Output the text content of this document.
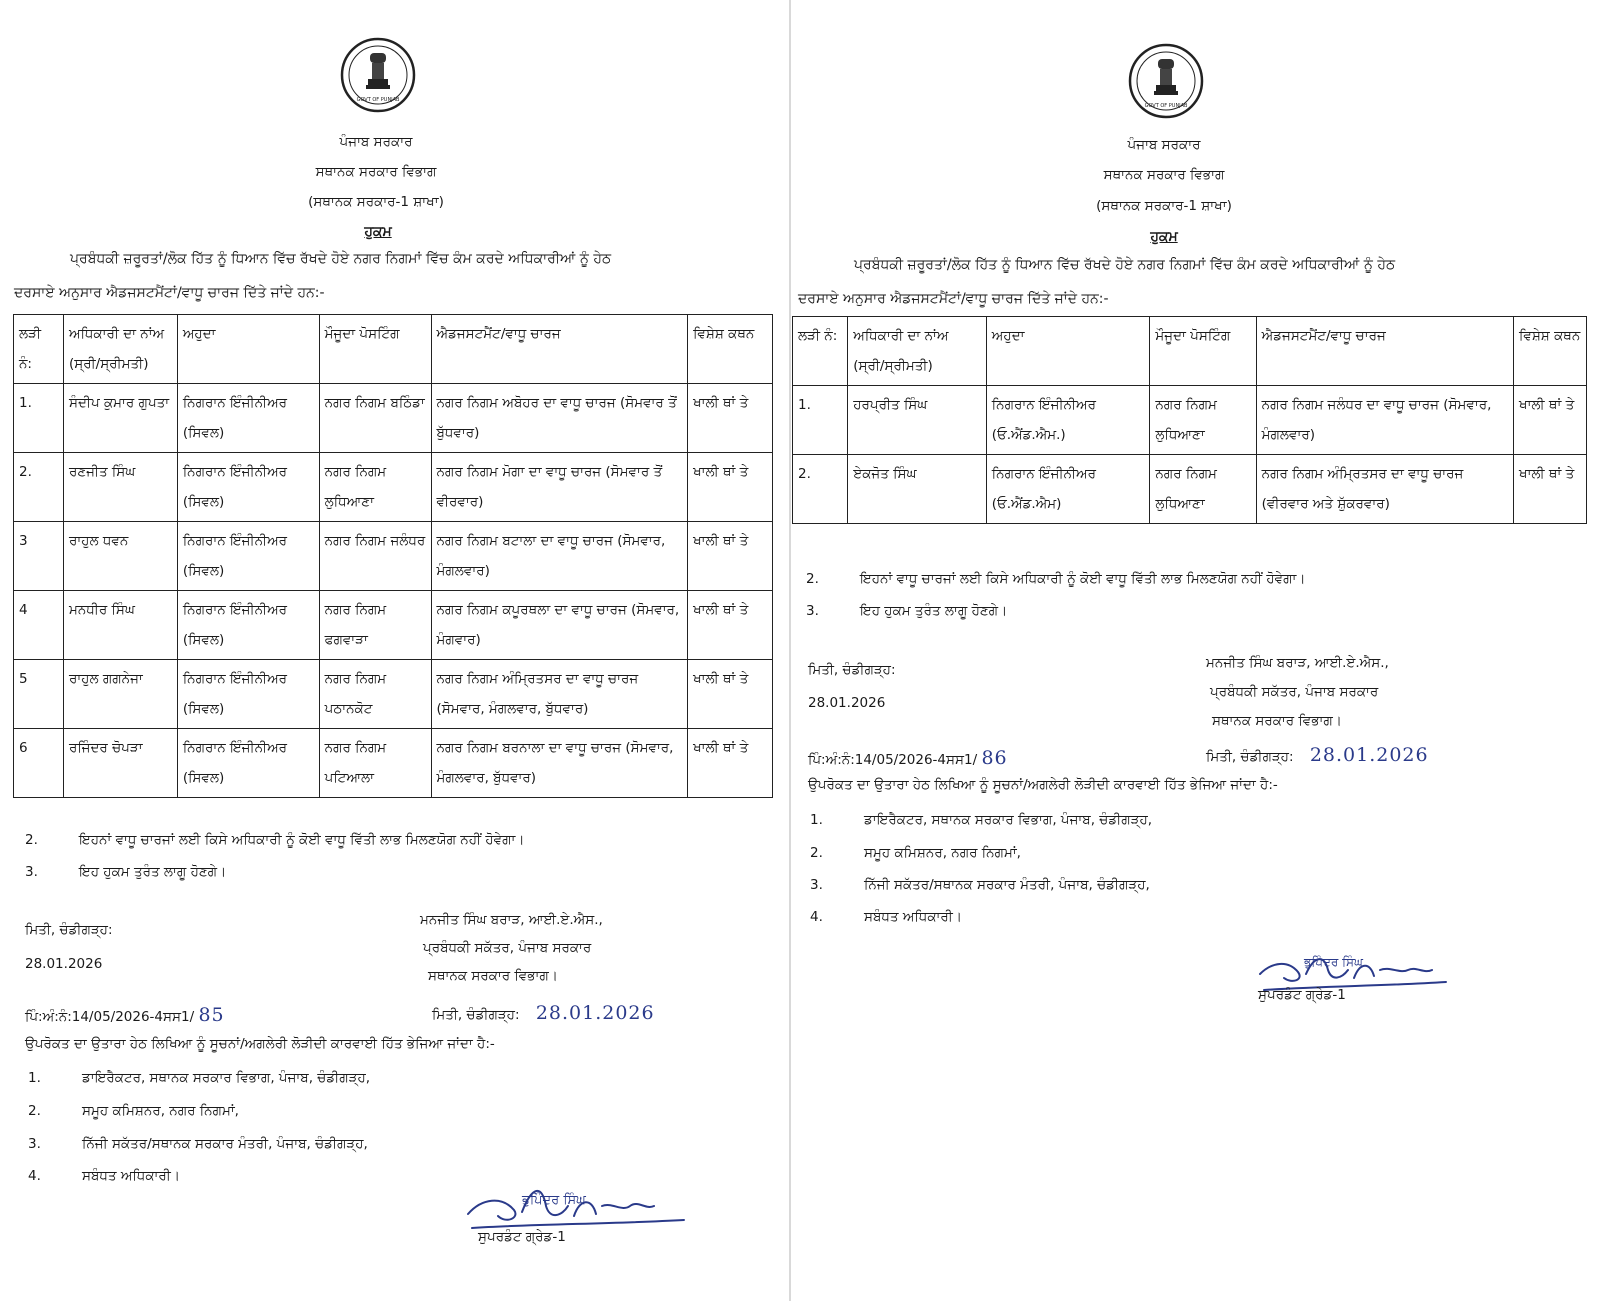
GOVT OF PUNJAB
ਪੰਜਾਬ ਸਰਕਾਰ
ਸਥਾਨਕ ਸਰਕਾਰ ਵਿਭਾਗ
(ਸਥਾਨਕ ਸਰਕਾਰ-1 ਸ਼ਾਖਾ)
ਹੁਕਮ
ਪ੍ਰਬੰਧਕੀ ਜ਼ਰੂਰਤਾਂ/ਲੋਕ ਹਿੱਤ ਨੂੰ ਧਿਆਨ ਵਿੱਚ ਰੱਖਦੇ ਹੋਏ ਨਗਰ ਨਿਗਮਾਂ ਵਿੱਚ ਕੰਮ ਕਰਦੇ ਅਧਿਕਾਰੀਆਂ ਨੂੰ ਹੇਠ
ਦਰਸਾਏ ਅਨੁਸਾਰ ਐਡਜਸਟਮੈਂਟਾਂ/ਵਾਧੂ ਚਾਰਜ ਦਿੱਤੇ ਜਾਂਦੇ ਹਨ:-
ਲੜੀ ਨੰ:	ਅਧਿਕਾਰੀ ਦਾ ਨਾਂਅ (ਸ੍ਰੀ/ਸ੍ਰੀਮਤੀ)	ਅਹੁਦਾ	ਮੌਜੂਦਾ ਪੋਸਟਿੰਗ	ਐਡਜਸਟਮੈਂਟ/ਵਾਧੂ ਚਾਰਜ	ਵਿਸ਼ੇਸ਼ ਕਥਨ
1.	ਸੰਦੀਪ ਕੁਮਾਰ ਗੁਪਤਾ	ਨਿਗਰਾਨ ਇੰਜੀਨੀਅਰ (ਸਿਵਲ)	ਨਗਰ ਨਿਗਮ ਬਠਿੰਡਾ	ਨਗਰ ਨਿਗਮ ਅਬੋਹਰ ਦਾ ਵਾਧੂ ਚਾਰਜ (ਸੋਮਵਾਰ ਤੋਂ ਬੁੱਧਵਾਰ)	ਖਾਲੀ ਥਾਂ ਤੇ
2.	ਰਣਜੀਤ ਸਿੰਘ	ਨਿਗਰਾਨ ਇੰਜੀਨੀਅਰ (ਸਿਵਲ)	ਨਗਰ ਨਿਗਮ ਲੁਧਿਆਣਾ	ਨਗਰ ਨਿਗਮ ਮੋਗਾ ਦਾ ਵਾਧੂ ਚਾਰਜ (ਸੋਮਵਾਰ ਤੋਂ ਵੀਰਵਾਰ)	ਖਾਲੀ ਥਾਂ ਤੇ
3	ਰਾਹੁਲ ਧਵਨ	ਨਿਗਰਾਨ ਇੰਜੀਨੀਅਰ (ਸਿਵਲ)	ਨਗਰ ਨਿਗਮ ਜਲੰਧਰ	ਨਗਰ ਨਿਗਮ ਬਟਾਲਾ ਦਾ ਵਾਧੂ ਚਾਰਜ (ਸੋਮਵਾਰ, ਮੰਗਲਵਾਰ)	ਖਾਲੀ ਥਾਂ ਤੇ
4	ਮਨਧੀਰ ਸਿੰਘ	ਨਿਗਰਾਨ ਇੰਜੀਨੀਅਰ (ਸਿਵਲ)	ਨਗਰ ਨਿਗਮ ਫਗਵਾੜਾ	ਨਗਰ ਨਿਗਮ ਕਪੂਰਥਲਾ ਦਾ ਵਾਧੂ ਚਾਰਜ (ਸੋਮਵਾਰ, ਮੰਗਵਾਰ)	ਖਾਲੀ ਥਾਂ ਤੇ
5	ਰਾਹੁਲ ਗਗਨੇਜਾ	ਨਿਗਰਾਨ ਇੰਜੀਨੀਅਰ (ਸਿਵਲ)	ਨਗਰ ਨਿਗਮ ਪਠਾਨਕੋਟ	ਨਗਰ ਨਿਗਮ ਅੰਮ੍ਰਿਤਸਰ ਦਾ ਵਾਧੂ ਚਾਰਜ (ਸੋਮਵਾਰ, ਮੰਗਲਵਾਰ, ਬੁੱਧਵਾਰ)	ਖਾਲੀ ਥਾਂ ਤੇ
6	ਰਜਿੰਦਰ ਚੋਪੜਾ	ਨਿਗਰਾਨ ਇੰਜੀਨੀਅਰ (ਸਿਵਲ)	ਨਗਰ ਨਿਗਮ ਪਟਿਆਲਾ	ਨਗਰ ਨਿਗਮ ਬਰਨਾਲਾ ਦਾ ਵਾਧੂ ਚਾਰਜ (ਸੋਮਵਾਰ, ਮੰਗਲਵਾਰ, ਬੁੱਧਵਾਰ)	ਖਾਲੀ ਥਾਂ ਤੇ
2.	ਇਹਨਾਂ ਵਾਧੂ ਚਾਰਜਾਂ ਲਈ ਕਿਸੇ ਅਧਿਕਾਰੀ ਨੂੰ ਕੋਈ ਵਾਧੂ ਵਿੱਤੀ ਲਾਭ ਮਿਲਣਯੋਗ ਨਹੀਂ ਹੋਵੇਗਾ।
3.	ਇਹ ਹੁਕਮ ਤੁਰੰਤ ਲਾਗੂ ਹੋਣਗੇ।
ਮਿਤੀ, ਚੰਡੀਗੜ੍ਹ:
28.01.2026
ਮਨਜੀਤ ਸਿੰਘ ਬਰਾੜ, ਆਈ.ਏ.ਐਸ.,
ਪ੍ਰਬੰਧਕੀ ਸਕੱਤਰ, ਪੰਜਾਬ ਸਰਕਾਰ
ਸਥਾਨਕ ਸਰਕਾਰ ਵਿਭਾਗ।
ਪਿੰ:ਅੰ:ਨੰ:14/05/2026-4ਸਸ1/ 85	ਮਿਤੀ, ਚੰਡੀਗੜ੍ਹ: 28.01.2026
ਉਪਰੋਕਤ ਦਾ ਉਤਾਰਾ ਹੇਠ ਲਿਖਿਆ ਨੂੰ ਸੂਚਨਾਂ/ਅਗਲੇਰੀ ਲੋੜੀਦੀ ਕਾਰਵਾਈ ਹਿੱਤ ਭੇਜਿਆ ਜਾਂਦਾ ਹੈ:-
1.	ਡਾਇਰੈਕਟਰ, ਸਥਾਨਕ ਸਰਕਾਰ ਵਿਭਾਗ, ਪੰਜਾਬ, ਚੰਡੀਗੜ੍ਹ,
2.	ਸਮੂਹ ਕਮਿਸ਼ਨਰ, ਨਗਰ ਨਿਗਮਾਂ,
3.	ਨਿੱਜੀ ਸਕੱਤਰ/ਸਥਾਨਕ ਸਰਕਾਰ ਮੰਤਰੀ, ਪੰਜਾਬ, ਚੰਡੀਗੜ੍ਹ,
4.	ਸਬੰਧਤ ਅਧਿਕਾਰੀ।
ਭੁਪਿੰਦਰ ਸਿੰਘ
ਸੁਪਰਡੰਟ ਗ੍ਰੇਡ-1
GOVT OF PUNJAB
ਪੰਜਾਬ ਸਰਕਾਰ
ਸਥਾਨਕ ਸਰਕਾਰ ਵਿਭਾਗ
(ਸਥਾਨਕ ਸਰਕਾਰ-1 ਸ਼ਾਖਾ)
ਹੁਕਮ
ਪ੍ਰਬੰਧਕੀ ਜ਼ਰੂਰਤਾਂ/ਲੋਕ ਹਿੱਤ ਨੂੰ ਧਿਆਨ ਵਿੱਚ ਰੱਖਦੇ ਹੋਏ ਨਗਰ ਨਿਗਮਾਂ ਵਿੱਚ ਕੰਮ ਕਰਦੇ ਅਧਿਕਾਰੀਆਂ ਨੂੰ ਹੇਠ
ਦਰਸਾਏ ਅਨੁਸਾਰ ਐਡਜਸਟਮੈਂਟਾਂ/ਵਾਧੂ ਚਾਰਜ ਦਿੱਤੇ ਜਾਂਦੇ ਹਨ:-
ਲੜੀ ਨੰ:	ਅਧਿਕਾਰੀ ਦਾ ਨਾਂਅ (ਸ੍ਰੀ/ਸ੍ਰੀਮਤੀ)	ਅਹੁਦਾ	ਮੌਜੂਦਾ ਪੋਸਟਿੰਗ	ਐਡਜਸਟਮੈਂਟ/ਵਾਧੂ ਚਾਰਜ	ਵਿਸ਼ੇਸ਼ ਕਥਨ
1.	ਹਰਪ੍ਰੀਤ ਸਿੰਘ	ਨਿਗਰਾਨ ਇੰਜੀਨੀਅਰ (ਓ.ਐਂਡ.ਐਮ.)	ਨਗਰ ਨਿਗਮ ਲੁਧਿਆਣਾ	ਨਗਰ ਨਿਗਮ ਜਲੰਧਰ ਦਾ ਵਾਧੂ ਚਾਰਜ (ਸੋਮਵਾਰ, ਮੰਗਲਵਾਰ)	ਖਾਲੀ ਥਾਂ ਤੇ
2.	ਏਕਜੋਤ ਸਿੰਘ	ਨਿਗਰਾਨ ਇੰਜੀਨੀਅਰ (ਓ.ਐਂਡ.ਐਮ)	ਨਗਰ ਨਿਗਮ ਲੁਧਿਆਣਾ	ਨਗਰ ਨਿਗਮ ਅੰਮ੍ਰਿਤਸਰ ਦਾ ਵਾਧੂ ਚਾਰਜ (ਵੀਰਵਾਰ ਅਤੇ ਸ਼ੁੱਕਰਵਾਰ)	ਖਾਲੀ ਥਾਂ ਤੇ
2.	ਇਹਨਾਂ ਵਾਧੂ ਚਾਰਜਾਂ ਲਈ ਕਿਸੇ ਅਧਿਕਾਰੀ ਨੂੰ ਕੋਈ ਵਾਧੂ ਵਿੱਤੀ ਲਾਭ ਮਿਲਣਯੋਗ ਨਹੀਂ ਹੋਵੇਗਾ।
3.	ਇਹ ਹੁਕਮ ਤੁਰੰਤ ਲਾਗੂ ਹੋਣਗੇ।
ਮਿਤੀ, ਚੰਡੀਗੜ੍ਹ:
28.01.2026
ਮਨਜੀਤ ਸਿੰਘ ਬਰਾੜ, ਆਈ.ਏ.ਐਸ.,
ਪ੍ਰਬੰਧਕੀ ਸਕੱਤਰ, ਪੰਜਾਬ ਸਰਕਾਰ
ਸਥਾਨਕ ਸਰਕਾਰ ਵਿਭਾਗ।
ਪਿੰ:ਅੰ:ਨੰ:14/05/2026-4ਸਸ1/ 86	ਮਿਤੀ, ਚੰਡੀਗੜ੍ਹ: 28.01.2026
ਉਪਰੋਕਤ ਦਾ ਉਤਾਰਾ ਹੇਠ ਲਿਖਿਆ ਨੂੰ ਸੂਚਨਾਂ/ਅਗਲੇਰੀ ਲੋੜੀਦੀ ਕਾਰਵਾਈ ਹਿੱਤ ਭੇਜਿਆ ਜਾਂਦਾ ਹੈ:-
1.	ਡਾਇਰੈਕਟਰ, ਸਥਾਨਕ ਸਰਕਾਰ ਵਿਭਾਗ, ਪੰਜਾਬ, ਚੰਡੀਗੜ੍ਹ,
2.	ਸਮੂਹ ਕਮਿਸ਼ਨਰ, ਨਗਰ ਨਿਗਮਾਂ,
3.	ਨਿੱਜੀ ਸਕੱਤਰ/ਸਥਾਨਕ ਸਰਕਾਰ ਮੰਤਰੀ, ਪੰਜਾਬ, ਚੰਡੀਗੜ੍ਹ,
4.	ਸਬੰਧਤ ਅਧਿਕਾਰੀ।
ਭੁਪਿੰਦਰ ਸਿੰਘ
ਸੁਪਰਡੰਟ ਗ੍ਰੇਡ-1
